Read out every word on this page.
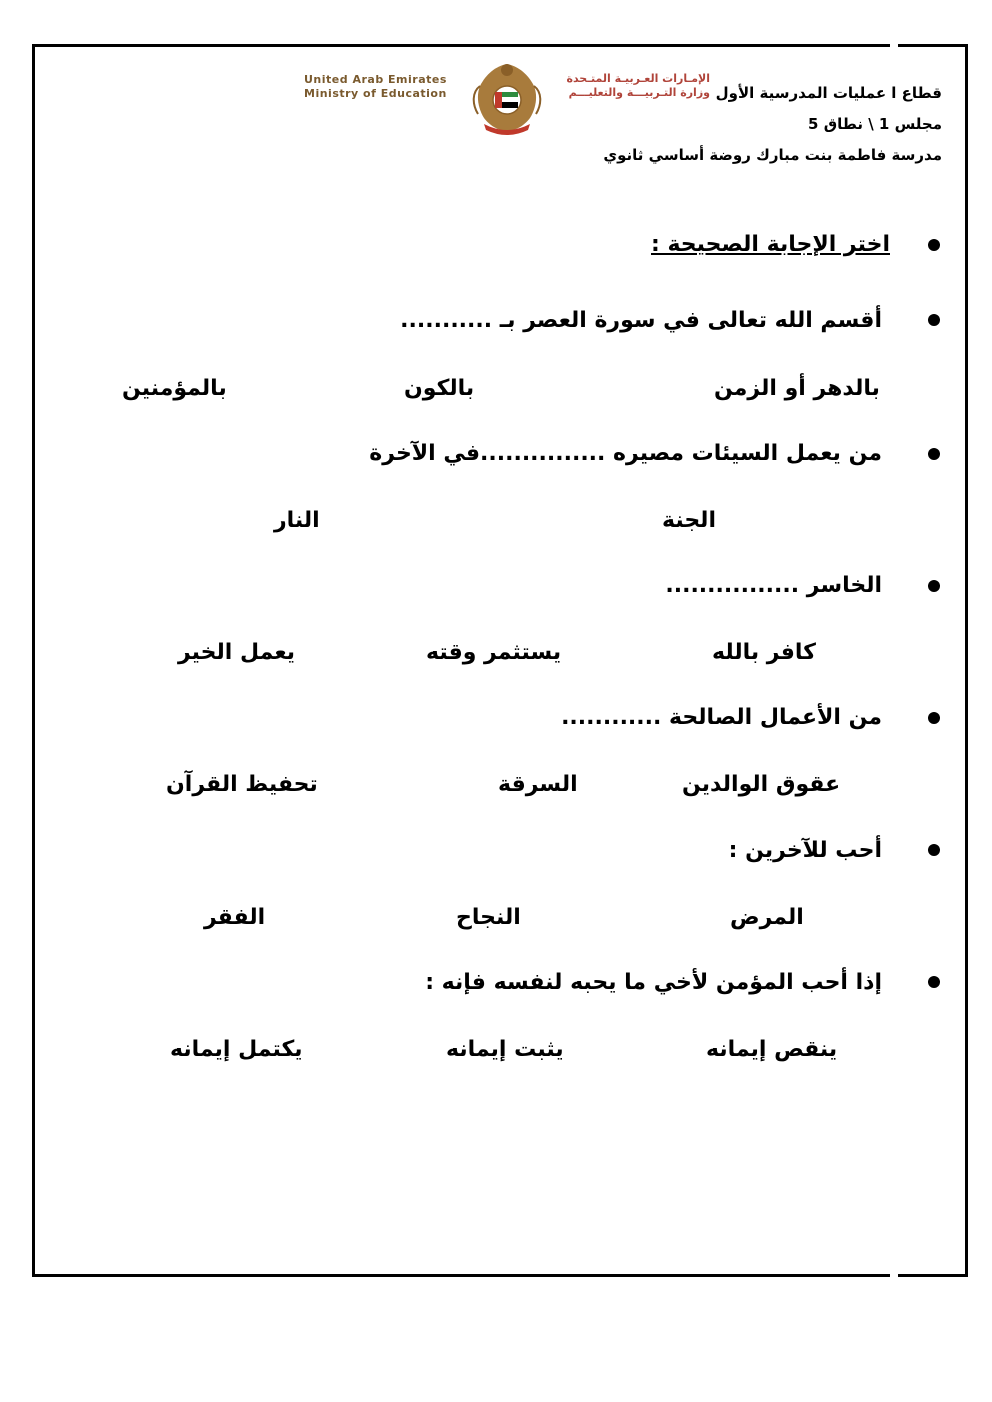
قطاع ا عمليات المدرسية الأول
مجلس 1 \ نطاق 5
مدرسة فاطمة بنت مبارك روضة أساسي ثانوي
الإمـارات العـربيـة المتـحدة
وزارة التـربيـــة والتعليـــم
United Arab Emirates
Ministry of Education
اختر الإجابة الصحيحة :
أقسم الله تعالى في سورة العصر بـ ...........
بالدهر أو الزمن
بالكون
بالمؤمنين
من يعمل السيئات مصيره ...............في الآخرة
الجنة
النار
الخاسر ................
كافر بالله
يستثمر وقته
يعمل الخير
من الأعمال الصالحة ............
عقوق الوالدين
السرقة
تحفيظ القرآن
أحب للآخرين :
المرض
النجاح
الفقر
إذا أحب المؤمن لأخي ما يحبه لنفسه فإنه :
ينقص إيمانه
يثبت إيمانه
يكتمل إيمانه
